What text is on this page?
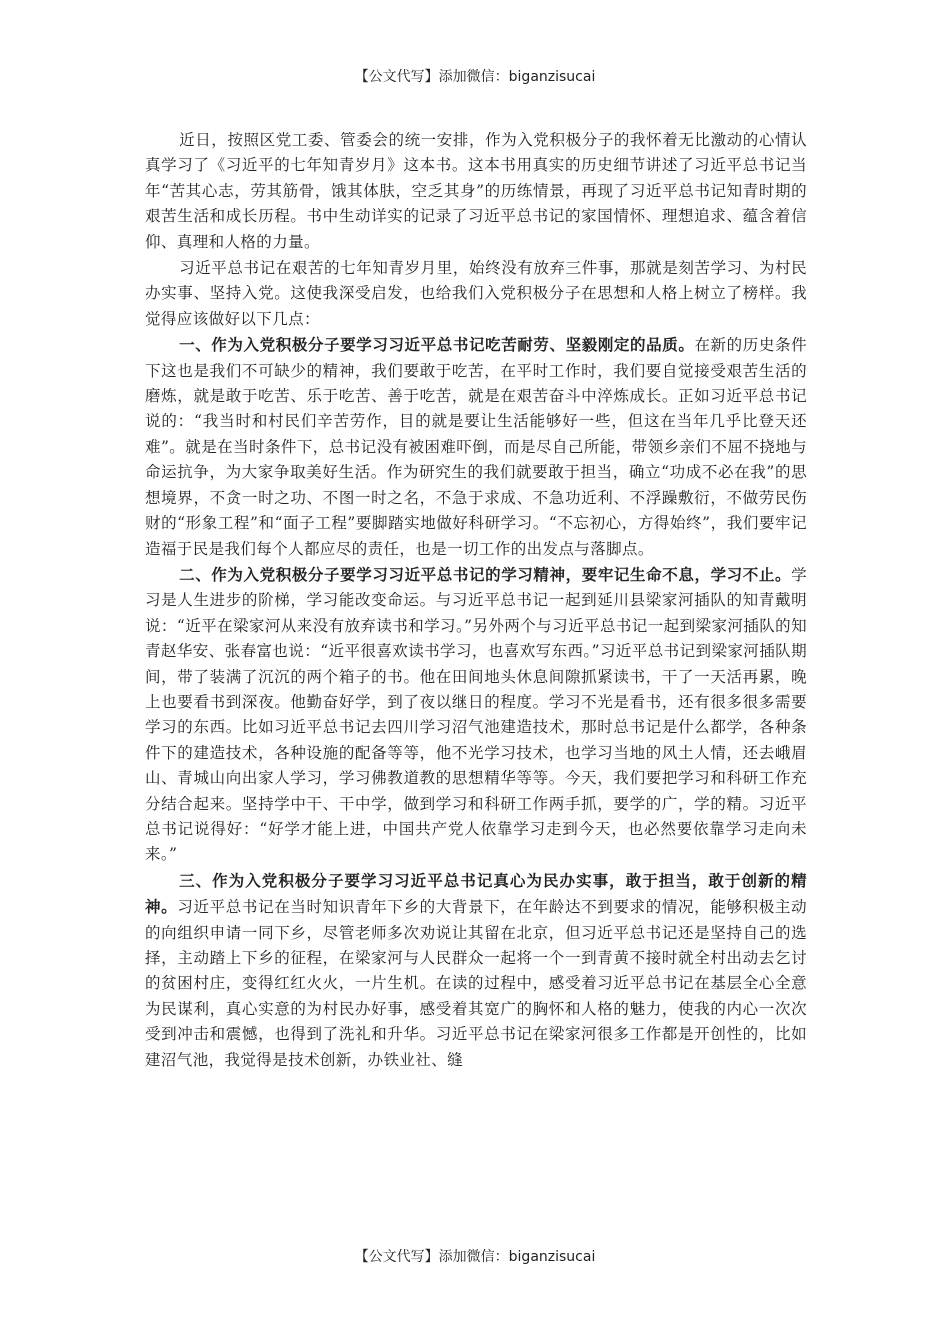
【公文代写】添加微信：biganzisucai

近日，按照区党工委、管委会的统一安排，作为入党积极分子的我怀着无比激动的心情认真学习了《习近平的七年知青岁月》这本书。这本书用真实的历史细节讲述了习近平总书记当年“苦其心志，劳其筋骨，饿其体肤，空乏其身”的历练情景，再现了习近平总书记知青时期的艰苦生活和成长历程。书中生动详实的记录了习近平总书记的家国情怀、理想追求、蕴含着信仰、真理和人格的力量。

习近平总书记在艰苦的七年知青岁月里，始终没有放弃三件事，那就是刻苦学习、为村民办实事、坚持入党。这使我深受启发，也给我们入党积极分子在思想和人格上树立了榜样。我觉得应该做好以下几点：

一、作为入党积极分子要学习习近平总书记吃苦耐劳、坚毅刚定的品质。在新的历史条件下这也是我们不可缺少的精神，我们要敢于吃苦，在平时工作时，我们要自觉接受艰苦生活的磨炼，就是敢于吃苦、乐于吃苦、善于吃苦，就是在艰苦奋斗中淬炼成长。正如习近平总书记说的：“我当时和村民们辛苦劳作，目的就是要让生活能够好一些，但这在当年几乎比登天还难”。就是在当时条件下，总书记没有被困难吓倒，而是尽自己所能，带领乡亲们不屈不挠地与命运抗争，为大家争取美好生活。作为研究生的我们就要敢于担当，确立“功成不必在我”的思想境界，不贪一时之功、不图一时之名，不急于求成、不急功近利、不浮躁敷衍，不做劳民伤财的“形象工程”和“面子工程”要脚踏实地做好科研学习。“不忘初心，方得始终”，我们要牢记造福于民是我们每个人都应尽的责任，也是一切工作的出发点与落脚点。

二、作为入党积极分子要学习习近平总书记的学习精神，要牢记生命不息，学习不止。学习是人生进步的阶梯，学习能改变命运。与习近平总书记一起到延川县梁家河插队的知青戴明说：“近平在梁家河从来没有放弃读书和学习。”另外两个与习近平总书记一起到梁家河插队的知青赵华安、张春富也说：“近平很喜欢读书学习，也喜欢写东西。”习近平总书记到梁家河插队期间，带了装满了沉沉的两个箱子的书。他在田间地头休息间隙抓紧读书，干了一天活再累，晚上也要看书到深夜。他勤奋好学，到了夜以继日的程度。学习不光是看书，还有很多很多需要学习的东西。比如习近平总书记去四川学习沼气池建造技术，那时总书记是什么都学，各种条件下的建造技术，各种设施的配备等等，他不光学习技术，也学习当地的风土人情，还去峨眉山、青城山向出家人学习，学习佛教道教的思想精华等等。今天，我们要把学习和科研工作充分结合起来。坚持学中干、干中学，做到学习和科研工作两手抓，要学的广，学的精。习近平总书记说得好：“好学才能上进，中国共产党人依靠学习走到今天，也必然要依靠学习走向未来。”

三、作为入党积极分子要学习习近平总书记真心为民办实事，敢于担当，敢于创新的精神。习近平总书记在当时知识青年下乡的大背景下，在年龄达不到要求的情况，能够积极主动的向组织申请一同下乡，尽管老师多次劝说让其留在北京，但习近平总书记还是坚持自己的选择，主动踏上下乡的征程，在梁家河与人民群众一起将一个一到青黄不接时就全村出动去乞讨的贫困村庄，变得红红火火，一片生机。在读的过程中，感受着习近平总书记在基层全心全意为民谋利，真心实意的为村民办好事，感受着其宽广的胸怀和人格的魅力，使我的内心一次次受到冲击和震憾，也得到了洗礼和升华。习近平总书记在梁家河很多工作都是开创性的，比如建沼气池，我觉得是技术创新，办铁业社、缝

【公文代写】添加微信：biganzisucai
